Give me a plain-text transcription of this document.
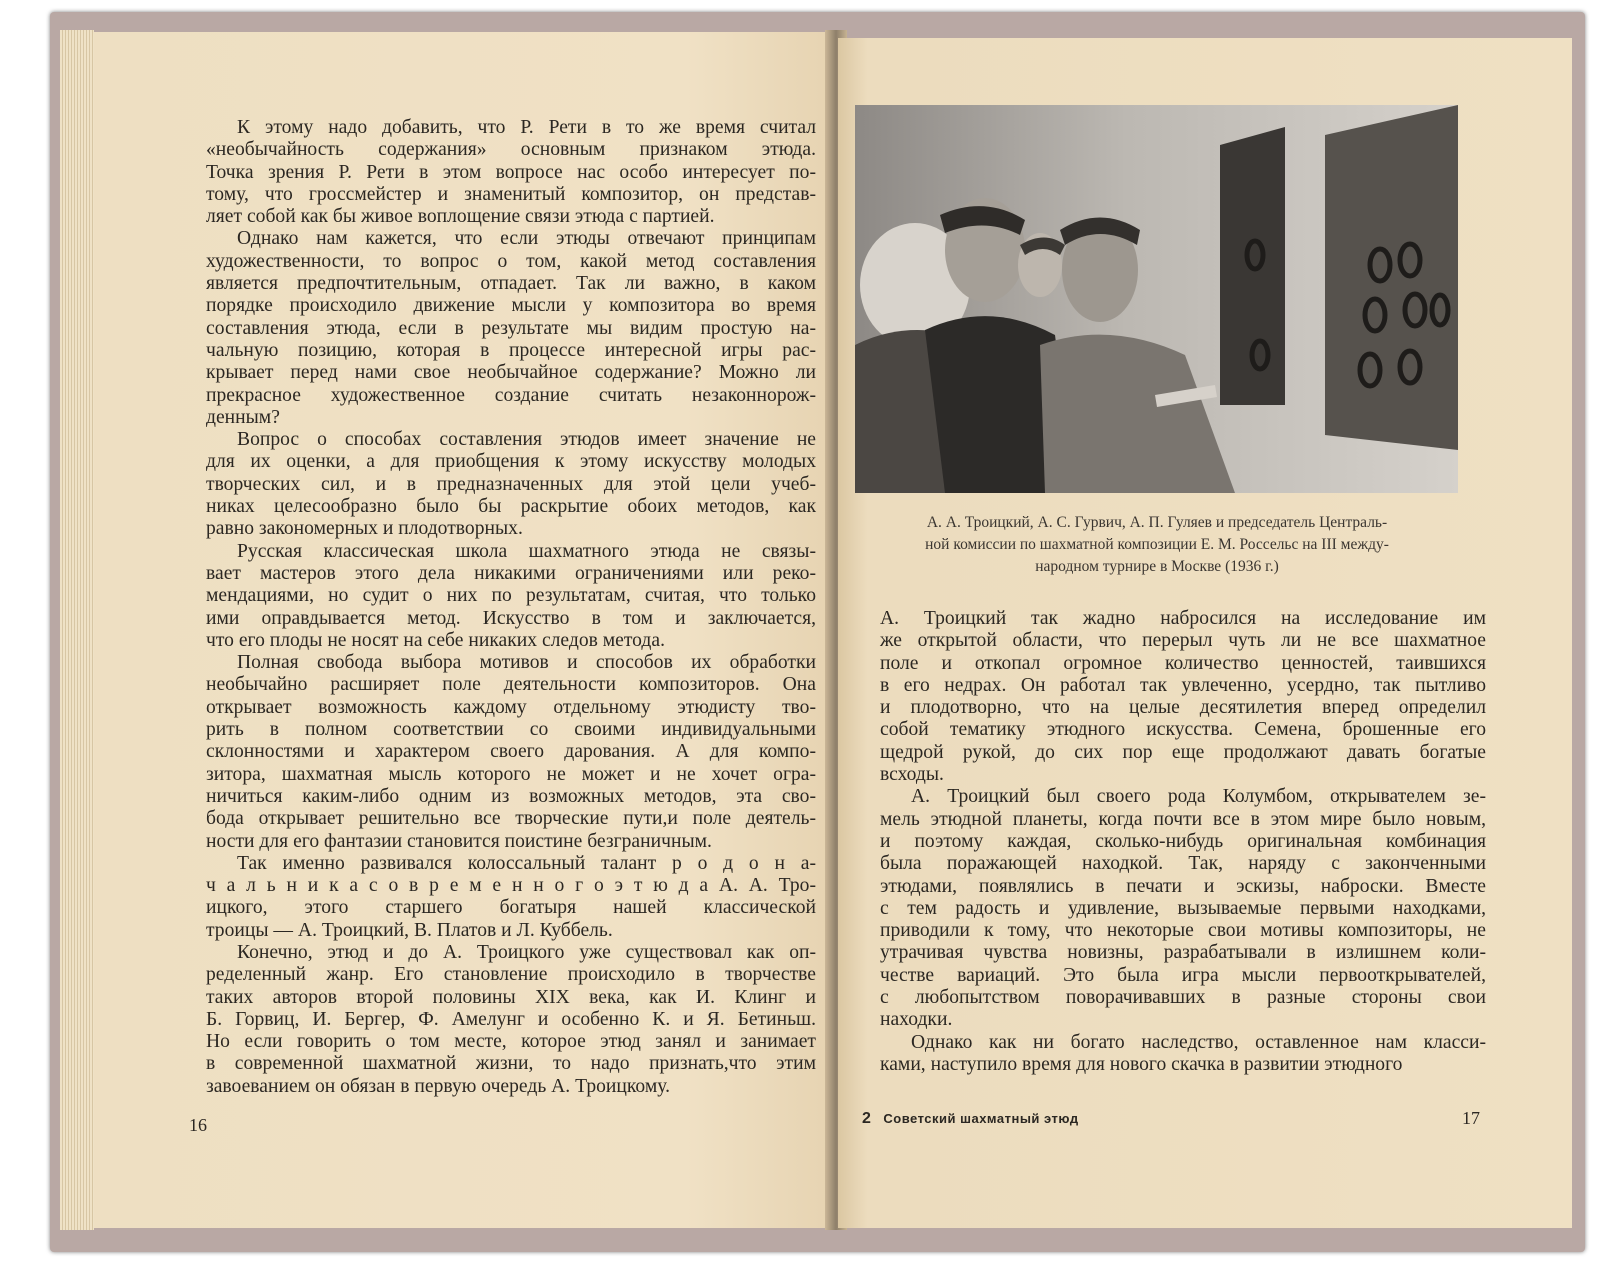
К этому надо добавить, что Р. Рети в то же время считал
«необычайность содержания» основным признаком этюда.
Точка зрения Р. Рети в этом вопросе нас особо интересует по-
тому, что гроссмейстер и знаменитый композитор, он представ-
ляет собой как бы живое воплощение связи этюда с партией.
Однако нам кажется, что если этюды отвечают принципам
художественности, то вопрос о том, какой метод составления
является предпочтительным, отпадает. Так ли важно, в каком
порядке происходило движение мысли у композитора во время
составления этюда, если в результате мы видим простую на-
чальную позицию, которая в процессе интересной игры рас-
крывает перед нами свое необычайное содержание? Можно ли
прекрасное художественное создание считать незаконнорож-
денным?
Вопрос о способах составления этюдов имеет значение не
для их оценки, а для приобщения к этому искусству молодых
творческих сил, и в предназначенных для этой цели учеб-
никах целесообразно было бы раскрытие обоих методов, как
равно закономерных и плодотворных.
Русская классическая школа шахматного этюда не связы-
вает мастеров этого дела никакими ограничениями или реко-
мендациями, но судит о них по результатам, считая, что только
ими оправдывается метод. Искусство в том и заключается,
что его плоды не носят на себе никаких следов метода.
Полная свобода выбора мотивов и способов их обработки
необычайно расширяет поле деятельности композиторов. Она
открывает возможность каждому отдельному этюдисту тво-
рить в полном соответствии со своими индивидуальными
склонностями и характером своего дарования. А для компо-
зитора, шахматная мысль которого не может и не хочет огра-
ничиться каким-либо одним из возможных методов, эта сво-
бода открывает решительно все творческие пути,и поле деятель-
ности для его фантазии становится поистине безграничным.
Так именно развивался колоссальный талант р о д о н а-
ч а л ь н и к а с о в р е м е н н о г о э т ю д а А. А. Тро-
ицкого, этого старшего богатыря нашей классической
троицы — А. Троицкий, В. Платов и Л. Куббель.
Конечно, этюд и до А. Троицкого уже существовал как оп-
ределенный жанр. Его становление происходило в творчестве
таких авторов второй половины XIX века, как И. Клинг и
Б. Горвиц, И. Бергер, Ф. Амелунг и особенно К. и Я. Бетиньш.
Но если говорить о том месте, которое этюд занял и занимает
в современной шахматной жизни, то надо признать,что этим
завоеванием он обязан в первую очередь А. Троицкому.
16
А. А. Троицкий, А. С. Гурвич, А. П. Гуляев и председатель Централь-
ной комиссии по шахматной композиции Е. М. Россельс на III между-
народном турнире в Москве (1936 г.)
А. Троицкий так жадно набросился на исследование им
же открытой области, что перерыл чуть ли не все шахматное
поле и откопал огромное количество ценностей, таившихся
в его недрах. Он работал так увлеченно, усердно, так пытливо
и плодотворно, что на целые десятилетия вперед определил
собой тематику этюдного искусства. Семена, брошенные его
щедрой рукой, до сих пор еще продолжают давать богатые
всходы.
А. Троицкий был своего рода Колумбом, открывателем зе-
мель этюдной планеты, когда почти все в этом мире было новым,
и поэтому каждая, сколько-нибудь оригинальная комбинация
была поражающей находкой. Так, наряду с законченными
этюдами, появлялись в печати и эскизы, наброски. Вместе
с тем радость и удивление, вызываемые первыми находками,
приводили к тому, что некоторые свои мотивы композиторы, не
утрачивая чувства новизны, разрабатывали в излишнем коли-
честве вариаций. Это была игра мысли первооткрывателей,
с любопытством поворачивавших в разные стороны свои
находки.
Однако как ни богато наследство, оставленное нам класси-
ками, наступило время для нового скачка в развитии этюдного
2 Советский шахматный этюд	17
